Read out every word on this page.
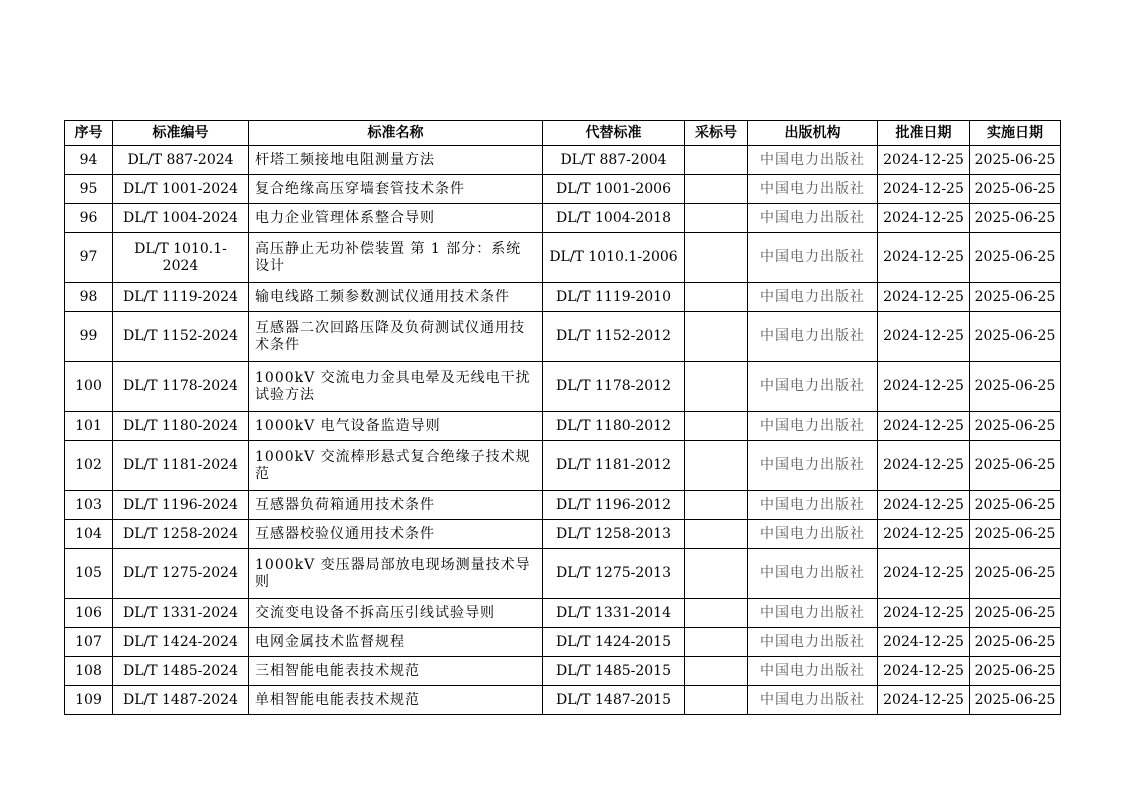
序号	标准编号	标准名称	代替标准	采标号	出版机构	批准日期	实施日期
94	DL/T 887-2024	杆塔工频接地电阻测量方法	DL/T 887-2004		中国电力出版社	2024-12-25	2025-06-25
95	DL/T 1001-2024	复合绝缘高压穿墙套管技术条件	DL/T 1001-2006		中国电力出版社	2024-12-25	2025-06-25
96	DL/T 1004-2024	电力企业管理体系整合导则	DL/T 1004-2018		中国电力出版社	2024-12-25	2025-06-25
97	DL/T 1010.1-2024	高压静止无功补偿装置 第 1 部分：系统设计	DL/T 1010.1-2006		中国电力出版社	2024-12-25	2025-06-25
98	DL/T 1119-2024	输电线路工频参数测试仪通用技术条件	DL/T 1119-2010		中国电力出版社	2024-12-25	2025-06-25
99	DL/T 1152-2024	互感器二次回路压降及负荷测试仪通用技术条件	DL/T 1152-2012		中国电力出版社	2024-12-25	2025-06-25
100	DL/T 1178-2024	1000kV 交流电力金具电晕及无线电干扰试验方法	DL/T 1178-2012		中国电力出版社	2024-12-25	2025-06-25
101	DL/T 1180-2024	1000kV 电气设备监造导则	DL/T 1180-2012		中国电力出版社	2024-12-25	2025-06-25
102	DL/T 1181-2024	1000kV 交流棒形悬式复合绝缘子技术规范	DL/T 1181-2012		中国电力出版社	2024-12-25	2025-06-25
103	DL/T 1196-2024	互感器负荷箱通用技术条件	DL/T 1196-2012		中国电力出版社	2024-12-25	2025-06-25
104	DL/T 1258-2024	互感器校验仪通用技术条件	DL/T 1258-2013		中国电力出版社	2024-12-25	2025-06-25
105	DL/T 1275-2024	1000kV 变压器局部放电现场测量技术导则	DL/T 1275-2013		中国电力出版社	2024-12-25	2025-06-25
106	DL/T 1331-2024	交流变电设备不拆高压引线试验导则	DL/T 1331-2014		中国电力出版社	2024-12-25	2025-06-25
107	DL/T 1424-2024	电网金属技术监督规程	DL/T 1424-2015		中国电力出版社	2024-12-25	2025-06-25
108	DL/T 1485-2024	三相智能电能表技术规范	DL/T 1485-2015		中国电力出版社	2024-12-25	2025-06-25
109	DL/T 1487-2024	单相智能电能表技术规范	DL/T 1487-2015		中国电力出版社	2024-12-25	2025-06-25
